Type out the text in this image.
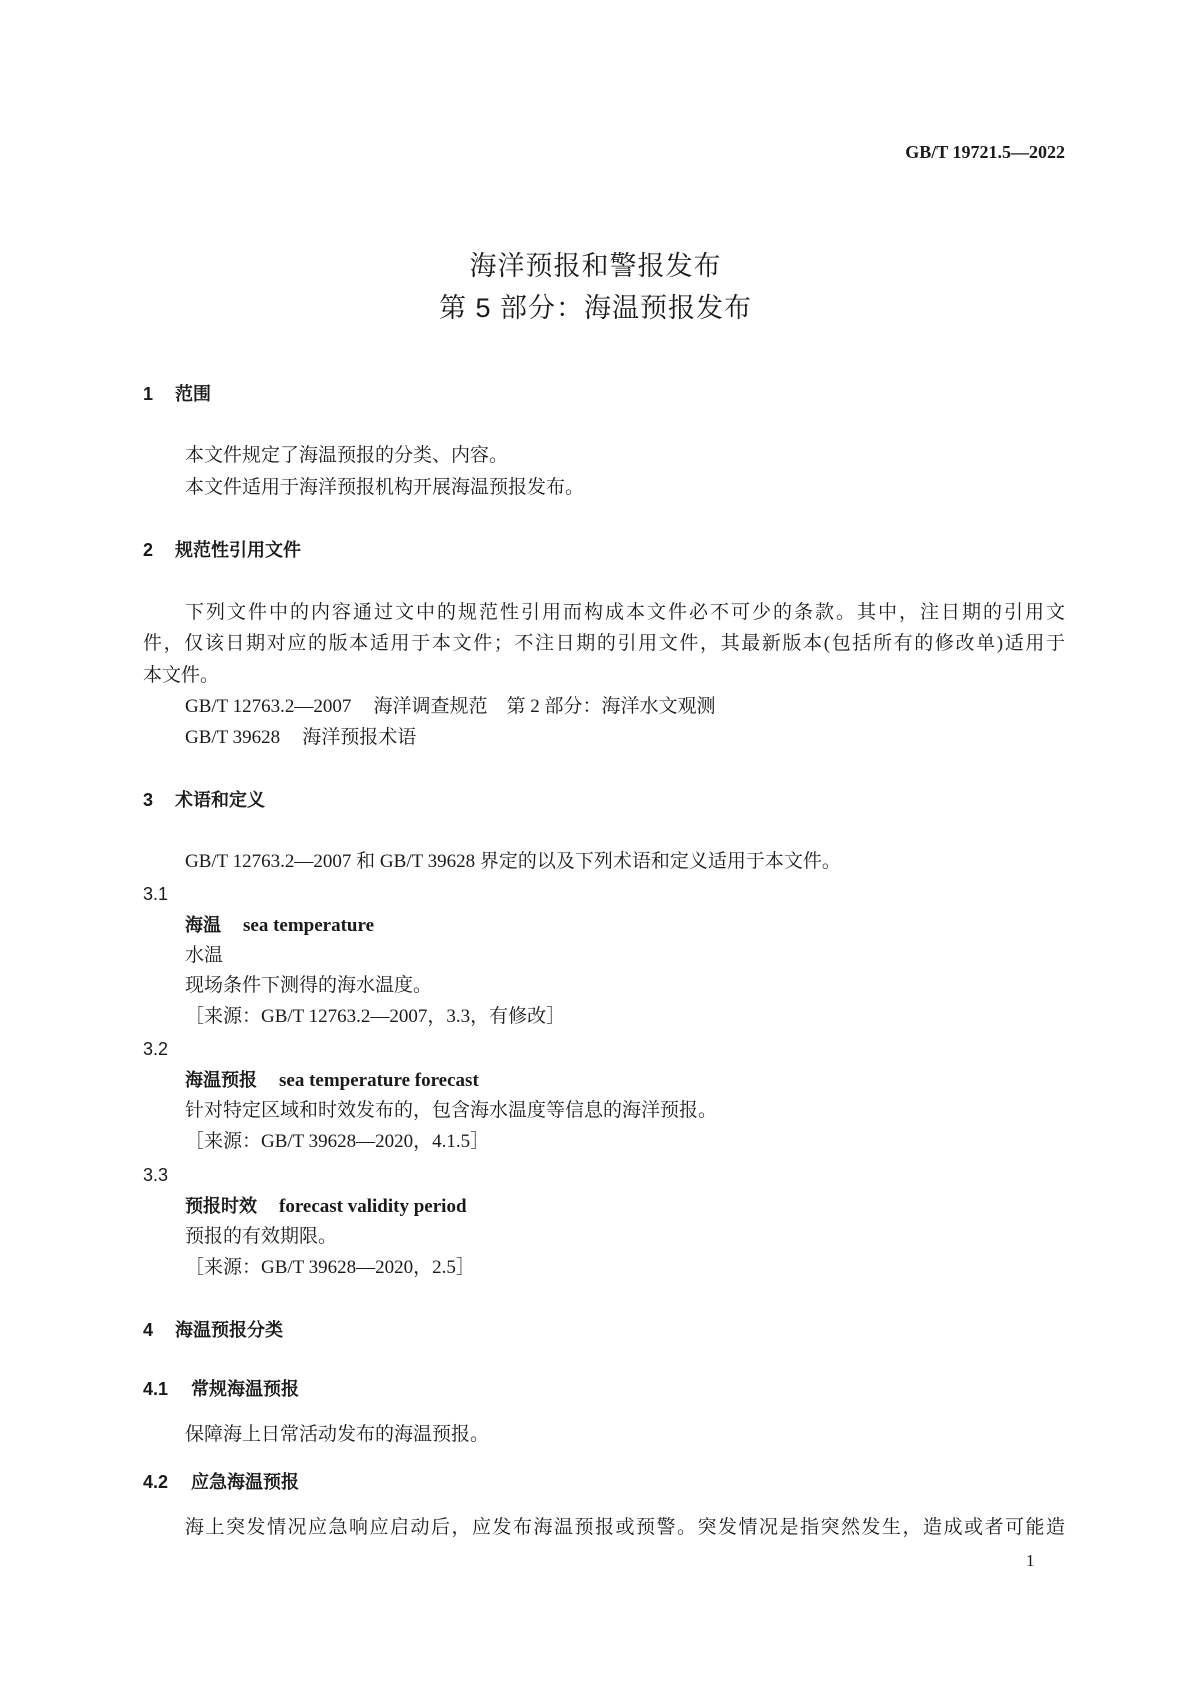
GB/T 19721.5—2022
海洋预报和警报发布
第 5 部分：海温预报发布
1 范围
本文件规定了海温预报的分类、内容。
本文件适用于海洋预报机构开展海温预报发布。
2 规范性引用文件
下列文件中的内容通过文中的规范性引用而构成本文件必不可少的条款。其中，注日期的引用文
件，仅该日期对应的版本适用于本文件；不注日期的引用文件，其最新版本(包括所有的修改单)适用于
本文件。
GB/T 12763.2—2007 海洋调查规范　第 2 部分：海洋水文观测
GB/T 39628 海洋预报术语
3 术语和定义
GB/T 12763.2—2007 和 GB/T 39628 界定的以及下列术语和定义适用于本文件。
3.1
海温 sea temperature
水温
现场条件下测得的海水温度。
［来源：GB/T 12763.2—2007，3.3，有修改］
3.2
海温预报 sea temperature forecast
针对特定区域和时效发布的，包含海水温度等信息的海洋预报。
［来源：GB/T 39628—2020，4.1.5］
3.3
预报时效 forecast validity period
预报的有效期限。
［来源：GB/T 39628—2020，2.5］
4 海温预报分类
4.1 常规海温预报
保障海上日常活动发布的海温预报。
4.2 应急海温预报
海上突发情况应急响应启动后，应发布海温预报或预警。突发情况是指突然发生，造成或者可能造
1
